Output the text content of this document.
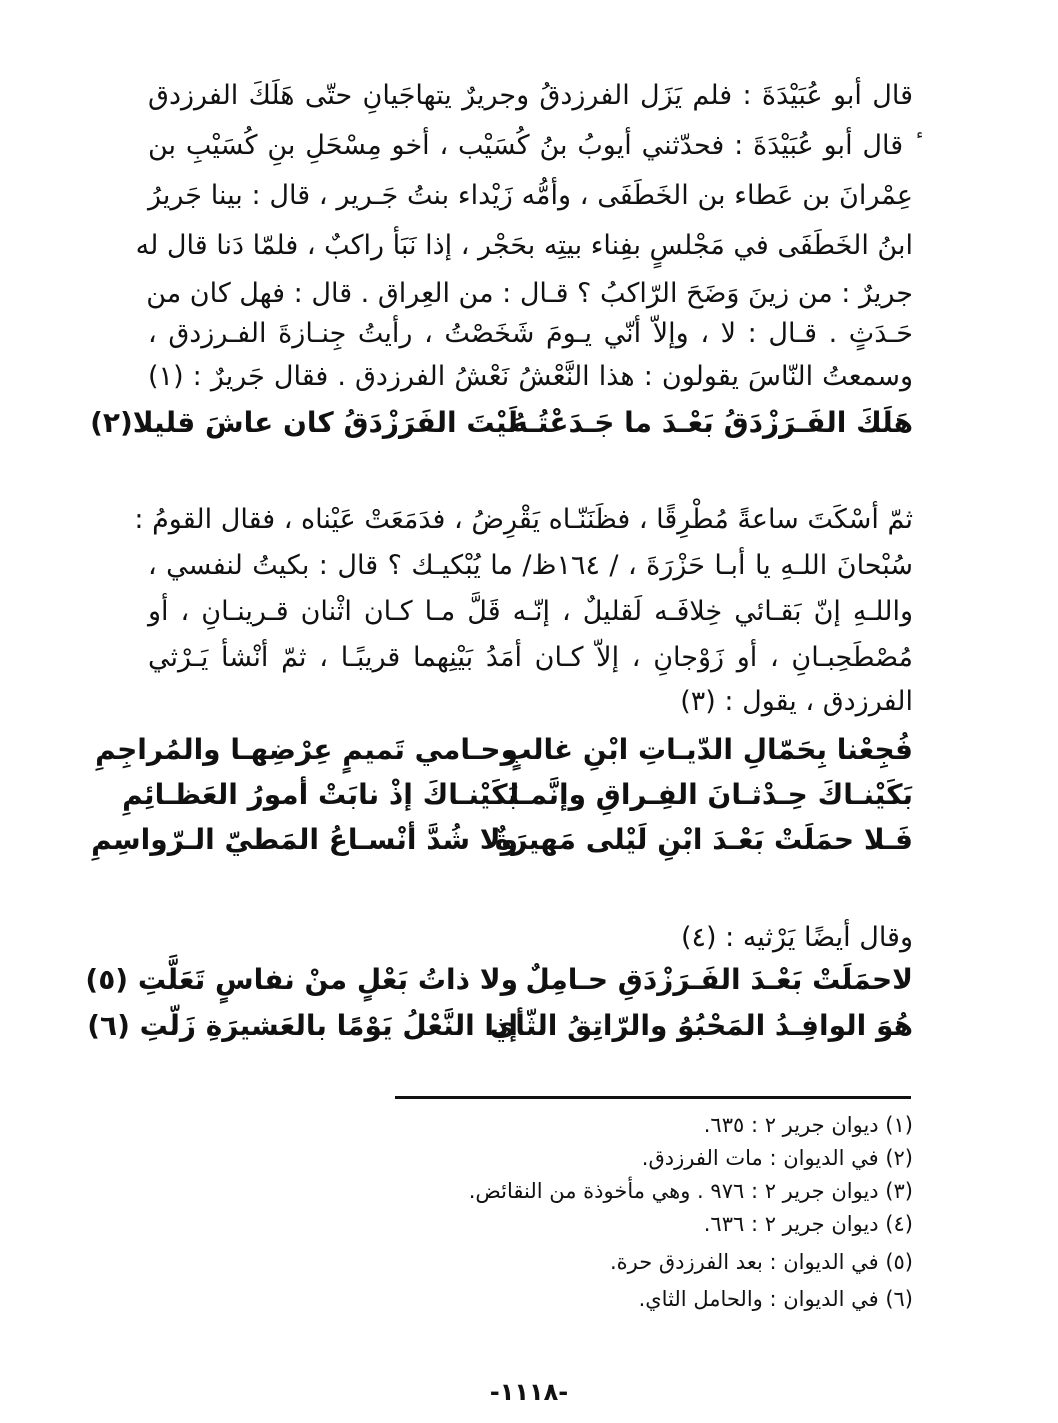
قال أبو عُبَيْدَةَ : فلم يَزَل الفرزدقُ وجريرٌ يتهاجَيانِ حتّى هَلَكَ الفرزدق
ٔ قال أبو عُبَيْدَةَ : فحدّثني أيوبُ بنُ كُسَيْب ، أخو مِسْحَلِ بنِ كُسَيْبِ بن
عِمْرانَ بن عَطاء بن الخَطَفَى ، وأمُّه زَيْداء بنتُ جَـرير ، قال : بينا جَريرُ
ابنُ الخَطَفَى في مَجْلسٍ بفِناء بيتِه بحَجْر ، إذا نَبَأ راكبٌ ، فلمّا دَنا قال له
جريرٌ : من زينَ وَضَحَ الرّاكبُ ؟ قـال : من العِراق . قال : فهل كان من
حَـدَثٍ . قـال : لا ، وإلاّ أنّي يـومَ شَخَصْتُ ، رأيتُ جِنـازةَ الفـرزدق ،
وسمعتُ النّاسَ يقولون : هذا النَّعْشُ نَعْشُ الفرزدق . فقال جَريرٌ : (١)
هَلَكَ الفَـرَزْدَقُ بَعْـدَ ما جَـدَعْتُـهُ
لَيْتَ الفَرَزْدَقُ كان عاشَ قليلا(٢)
ثمّ أسْكَتَ ساعةً مُطْرِقًا ، فظَنَنّـاه يَقْرِضُ ، فدَمَعَتْ عَيْناه ، فقال القومُ :
سُبْحانَ اللـهِ يا أبـا حَزْرَةَ ، / ١٦٤ظ/ ما يُبْكيـك ؟ قال : بكيتُ لنفسي ،
واللـهِ إنّ بَقـائي خِلافَـه لَقليلٌ ، إنّـه قَلَّ مـا كـان اثْنان قـرينـانِ ، أو
مُصْطَحِبـانِ ، أو زَوْجانِ ، إلاّ كـان أمَدُ بَيْنِهما قريبًـا ، ثمّ أنْشأ يَـرْثي
الفرزدق ، يقول : (٣)
فُجِعْنا بِحَمّالِ الدّيـاتِ ابْنِ غالبٍ
وحـامي تَميمٍ عِرْضِهـا والمُراجِمِ
بَكَيْنـاكَ حِـدْثـانَ الفِـراقِ وإنَّمـا
بَكَيْنـاكَ إذْ نابَتْ أمورُ العَظـائِمِ
فَـلا حمَلَتْ بَعْـدَ ابْنِ لَيْلى مَهيرَةٌ
ولا شُدَّ أنْسـاعُ المَطيّ الـرّواسِمِ
وقال أيضًا يَرْثيه : (٤)
لاحمَلَتْ بَعْـدَ الفَـرَزْدَقِ حـامِلٌ
ولا ذاتُ بَعْلٍ منْ نفاسٍ تَعَلَّتِ (٥)
هُوَ الوافِـدُ المَحْبُوُ والرّاتِقُ الثّأي
إذا النَّعْلُ يَوْمًا بالعَشيرَةِ زَلّتِ (٦)
(١) ديوان جرير ٢ : ٦٣٥.
(٢) في الديوان : مات الفرزدق.
(٣) ديوان جرير ٢ : ٩٧٦ . وهي مأخوذة من النقائض.
(٤) ديوان جرير ٢ : ٦٣٦.
(٥) في الديوان : بعد الفرزدق حرة.
(٦) في الديوان : والحامل الثاي.
-١١١٨-
